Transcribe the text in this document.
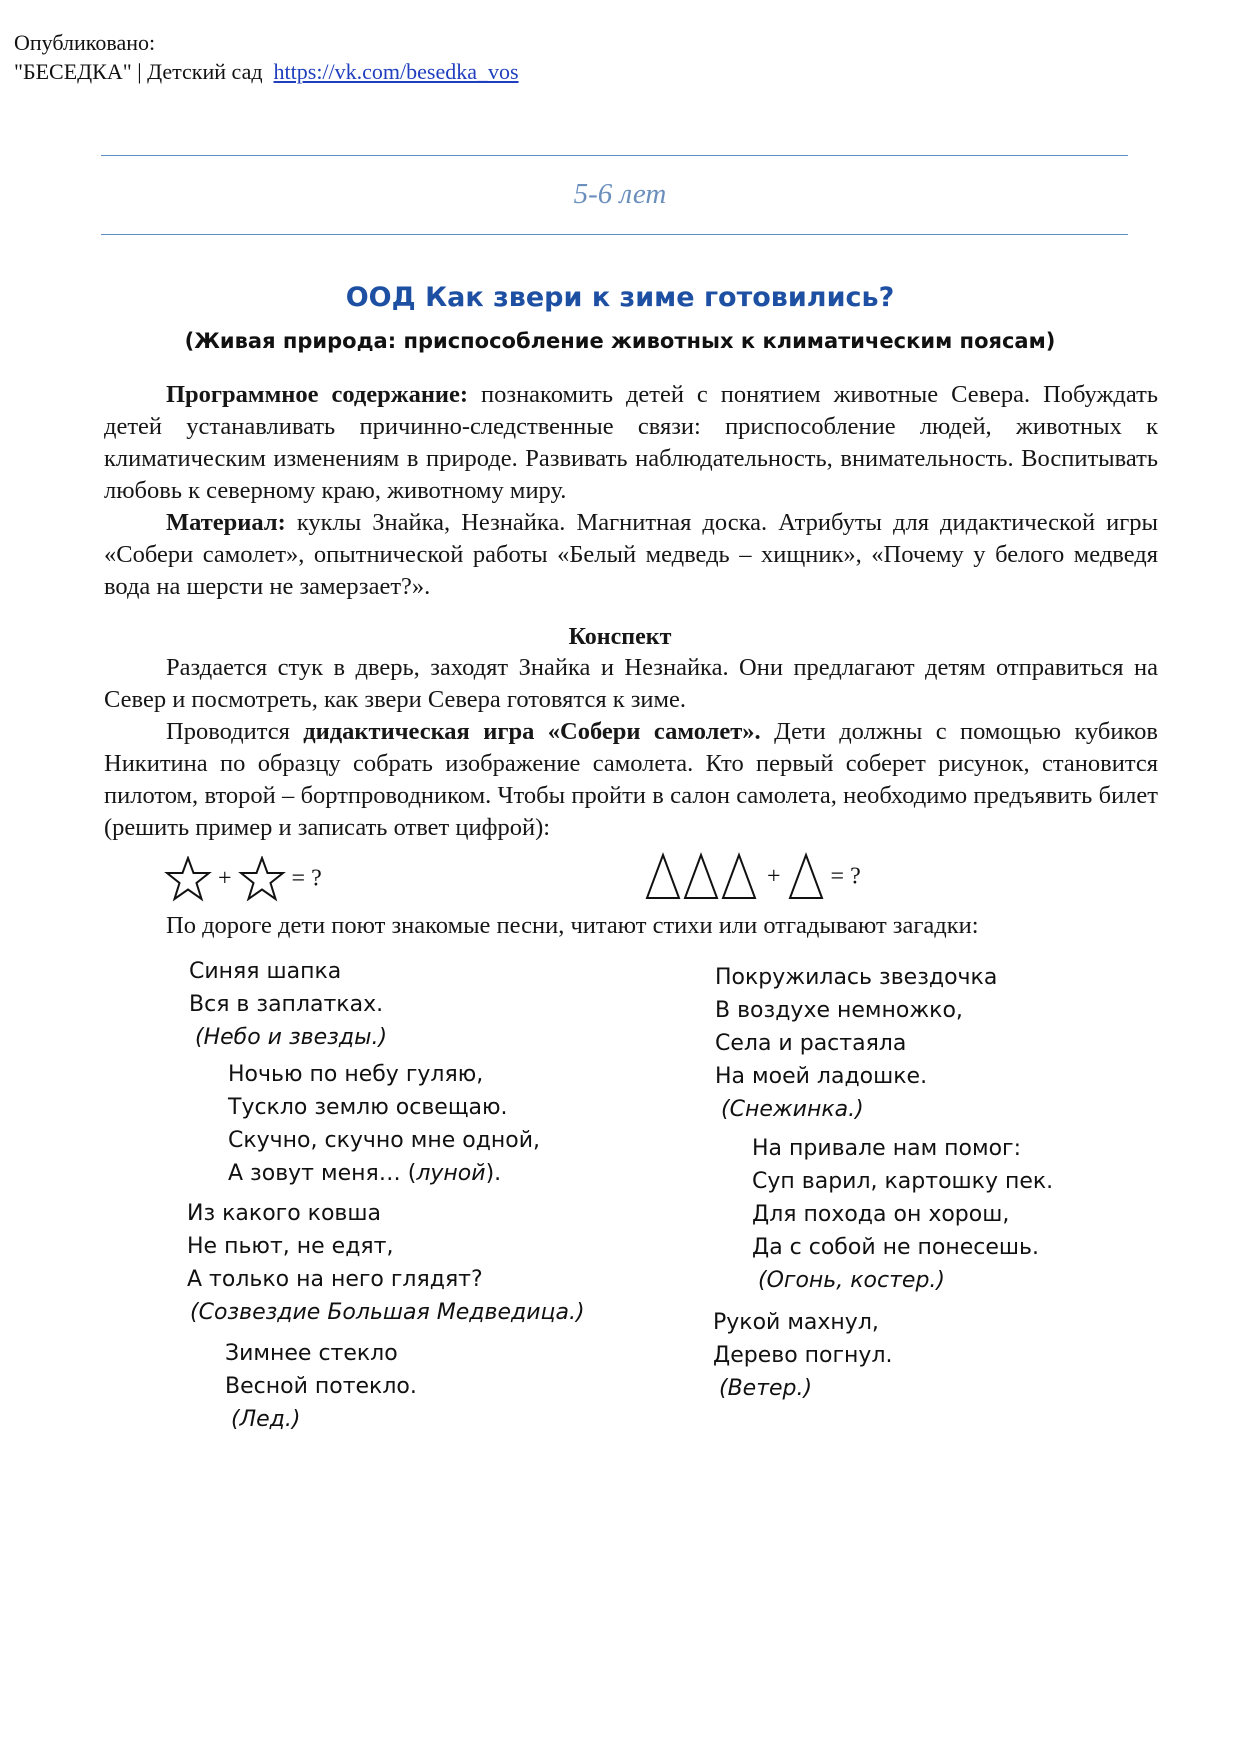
Опубликовано:
"БЕСЕДКА" | Детский сад https://vk.com/besedka_vos
5-6 лет
ООД Как звери к зиме готовились?
(Живая природа: приспособление животных к климатическим поясам)

Программное содержание: познакомить детей с понятием животные Севера. Побуждать детей устанавливать причинно-следственные связи: приспособление людей, животных к климатическим изменениям в природе. Развивать наблюдательность, внимательность. Воспитывать любовь к северному краю, животному миру.

Материал: куклы Знайка, Незнайка. Магнитная доска. Атрибуты для дидактической игры «Собери самолет», опытнической работы «Белый медведь – хищник», «Почему у белого медведя вода на шерсти не замерзает?».

Конспект

Раздается стук в дверь, заходят Знайка и Незнайка. Они предлагают детям отправиться на Север и посмотреть, как звери Севера готовятся к зиме.

Проводится дидактическая игра «Собери самолет». Дети должны с помощью кубиков Никитина по образцу собрать изображение самолета. Кто первый соберет рисунок, становится пилотом, второй – бортпроводником. Чтобы пройти в салон самолета, необходимо предъявить билет (решить пример и записать ответ цифрой):

+	= ?	+ = ?

По дороге дети поют знакомые песни, читают стихи или отгадывают загадки:

Синяя шапка
Вся в заплатках.
(Небо и звезды.)
Ночью по небу гуляю,
Тускло землю освещаю.
Скучно, скучно мне одной,
А зовут меня… (луной).
Из какого ковша
Не пьют, не едят,
А только на него глядят?
(Созвездие Большая Медведица.)
Зимнее стекло
Весной потекло.
(Лед.)
Покружилась звездочка
В воздухе немножко,
Села и растаяла
На моей ладошке.
(Снежинка.)
На привале нам помог:
Суп варил, картошку пек.
Для похода он хорош,
Да с собой не понесешь.
(Огонь, костер.)
Рукой махнул,
Дерево погнул.
(Ветер.)
